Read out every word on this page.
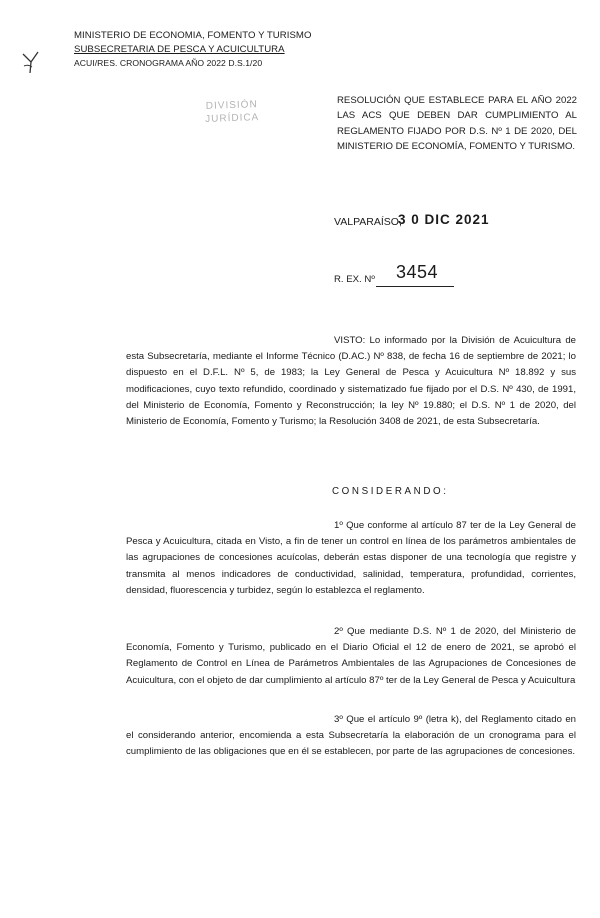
MINISTERIO DE ECONOMIA, FOMENTO Y TURISMO
SUBSECRETARIA DE PESCA Y ACUICULTURA
ACUI/RES. CRONOGRAMA AÑO 2022 D.S.1/20
DIVISIÓN
JURÍDICA
RESOLUCIÓN QUE ESTABLECE PARA EL AÑO 2022 LAS ACS QUE DEBEN DAR CUMPLIMIENTO AL REGLAMENTO FIJADO POR D.S. Nº 1 DE 2020, DEL MINISTERIO DE ECONOMÍA, FOMENTO Y TURISMO.
VALPARAÍSO,
3 0 DIC 2021
R. EX. Nº 3454

VISTO: Lo informado por la División de Acuicultura de esta Subsecretaría, mediante el Informe Técnico (D.AC.) Nº 838, de fecha 16 de septiembre de 2021; lo dispuesto en el D.F.L. Nº 5, de 1983; la Ley General de Pesca y Acuicultura Nº 18.892 y sus modificaciones, cuyo texto refundido, coordinado y sistematizado fue fijado por el D.S. Nº 430, de 1991, del Ministerio de Economía, Fomento y Reconstrucción; la ley Nº 19.880; el D.S. Nº 1 de 2020, del Ministerio de Economía, Fomento y Turismo; la Resolución 3408 de 2021, de esta Subsecretaría.

CONSIDERANDO:

1º Que conforme al artículo 87 ter de la Ley General de Pesca y Acuicultura, citada en Visto, a fin de tener un control en línea de los parámetros ambientales de las agrupaciones de concesiones acuícolas, deberán estas disponer de una tecnología que registre y transmita al menos indicadores de conductividad, salinidad, temperatura, profundidad, corrientes, densidad, fluorescencia y turbidez, según lo establezca el reglamento.

2º Que mediante D.S. Nº 1 de 2020, del Ministerio de Economía, Fomento y Turismo, publicado en el Diario Oficial el 12 de enero de 2021, se aprobó el Reglamento de Control en Línea de Parámetros Ambientales de las Agrupaciones de Concesiones de Acuicultura, con el objeto de dar cumplimiento al artículo 87º ter de la Ley General de Pesca y Acuicultura

3º Que el artículo 9º (letra k), del Reglamento citado en el considerando anterior, encomienda a esta Subsecretaría la elaboración de un cronograma para el cumplimiento de las obligaciones que en él se establecen, por parte de las agrupaciones de concesiones.
